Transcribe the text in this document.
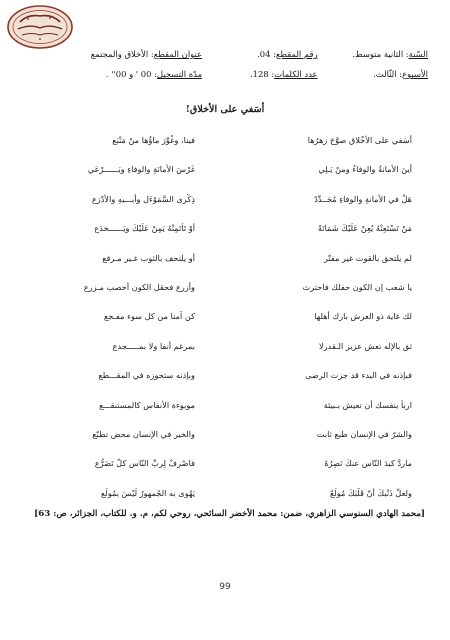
السّنة: الثانية متوسط.
رقم المقطع: 04.
عنوان المقطع: الأخلاق والمجتمع
الأسبوع: الثّالث.
عدد الكلمات: 128.
مدّة التسجيل: 00 ' و 00'' .
أسَفي على الأخلاق!
أسَفي على الأَخْلاقِ صوَّحَ زهرُها
فينا، وغُوِّرَ ماؤُها منْ مَنْبَعِ
أينَ الأمانةُ والوفاءُ ومنْ يَـلِي
غَرْسَ الأمانَةِ والوفاءِ ويَــــــرْعَي
هَلْ في الأمانةِ والوفاءِ مُجَــدِّدٌ
ذِكْرى السَّمَوْءَلِ وأبِـــيهِ والأدْرَعِ
مَنْ تَسْتَعِنْهُ يُعِنْ عَلَيْكَ شَمَاتَةً
أوْ تَأْتَمِنْهُ يَمِنْ عَلَيْكَ ويَــــــخدَعِ
لم يلتحق بالقوت غير مفتّر
أو يلتحف بالثوب غـير مـرقع
يا شعب إن الكون حفلك فاحترث
وأزرع فحقل الكون أخصب مـزرع
لك غاية ذو العرش بارك أهلها
كن آمنا من كل سوء مفـجع
ثق بالإله تعش عزيز الـقدرلا
بمرغم أنفا ولا بمـــــجدع
فبإذنه في البدء قد جزت الرضى
وبإذنه ستحوزه في المقـــطع
اربأ بنفسك أن تعيش بـبيئة
موبوءة الأنفاس كالمستنقـــع
والشرّ في الإنسان طبع ثابت
والخير في الإنسان محض تطبّع
ماردَّ كيدَ النّاسِ عنكَ نَصِرُهُ
فاصْرِفْ لِربِّ النّاسِ كلّ تَضَرُّعِ
ولعلَّ ذَنْبكَ أنّ قَلْبَكَ مُولَعٌ
يَهْوى به الجُمهورُ لَيْسَ بِمُولَعِ
[محمد الهادي السنوسي الزاهري، ضمن: محمد الأخضر السائحي، روحي لكم، م. و. للكتاب، الجزائر، ص: 63]
99
